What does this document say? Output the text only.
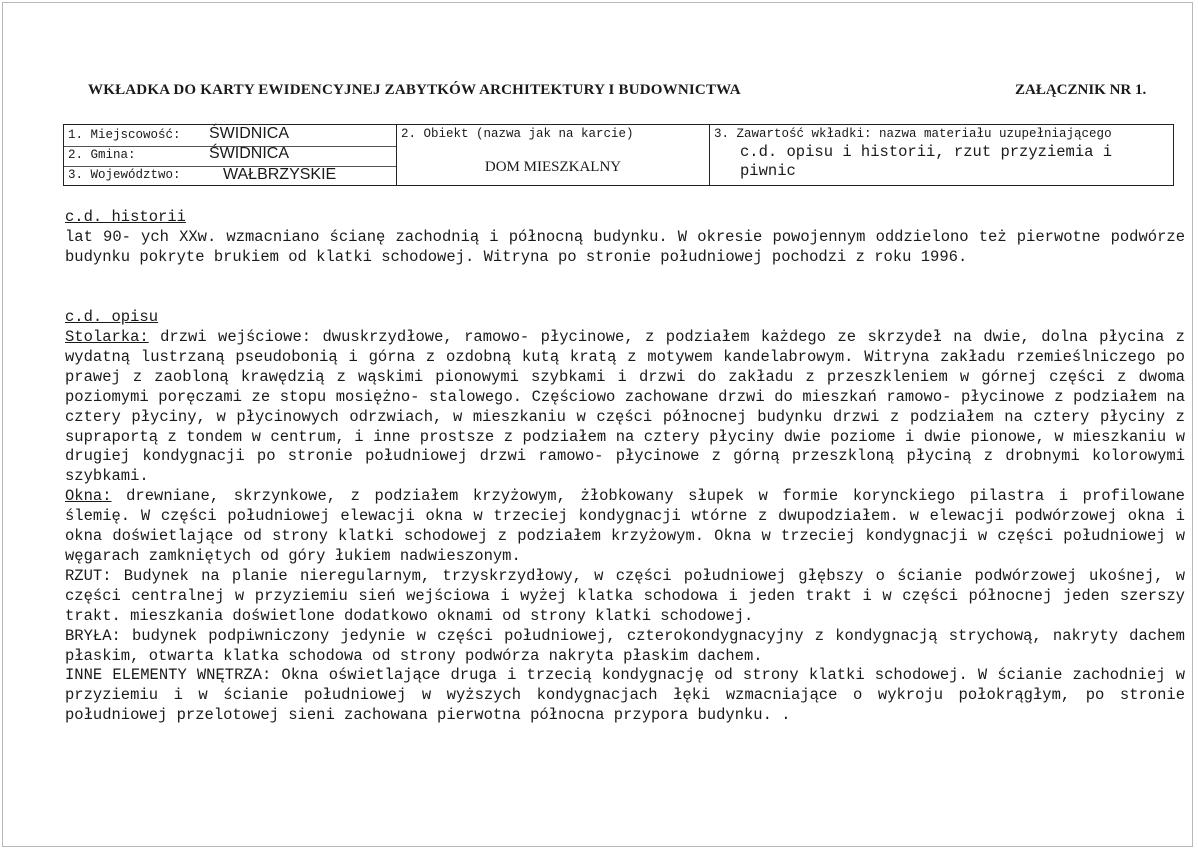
WKŁADKA DO KARTY EWIDENCYJNEJ ZABYTKÓW ARCHITEKTURY I BUDOWNICTWA	ZAŁĄCZNIK NR 1.
1. Miejscowość: ŚWIDNICA
2. Gmina:	ŚWIDNICA
3. Województwo:	WAŁBRZYSKIE
2. Obiekt (nazwa jak na karcie)
DOM MIESZKALNY
3. Zawartość wkładki: nazwa materiału uzupełniającego
c.d. opisu i historii, rzut przyziemia i piwnic
c.d. historii
lat 90- ych XXw. wzmacniano ścianę zachodnią i północną budynku. W okresie powojennym oddzielono też pierwotne podwórze budynku pokryte brukiem od klatki schodowej. Witryna po stronie południowej pochodzi z roku 1996.
c.d. opisu

Stolarka: drzwi wejściowe: dwuskrzydłowe, ramowo- płycinowe, z podziałem każdego ze skrzydeł na dwie, dolna płycina z wydatną lustrzaną pseudobonią i górna z ozdobną kutą kratą z motywem kandelabrowym. Witryna zakładu rzemieślniczego po prawej z zaobloną krawędzią z wąskimi pionowymi szybkami i drzwi do zakładu z przeszkleniem w górnej części z dwoma poziomymi poręczami ze stopu mosiężno- stalowego. Częściowo zachowane drzwi do mieszkań ramowo- płycinowe z podziałem na cztery płyciny, w płycinowych odrzwiach, w mieszkaniu w części północnej budynku drzwi z podziałem na cztery płyciny z supraportą z tondem w centrum, i inne prostsze z podziałem na cztery płyciny dwie poziome i dwie pionowe, w mieszkaniu w drugiej kondygnacji po stronie południowej drzwi ramowo- płycinowe z górną przeszkloną płyciną z drobnymi kolorowymi szybkami.

Okna: drewniane, skrzynkowe, z podziałem krzyżowym, żłobkowany słupek w formie korynckiego pilastra i profilowane ślemię. W części południowej elewacji okna w trzeciej kondygnacji wtórne z dwupodziałem. w elewacji podwórzowej okna i okna doświetlające od strony klatki schodowej z podziałem krzyżowym. Okna w trzeciej kondygnacji w części południowej w węgarach zamkniętych od góry łukiem nadwieszonym.

RZUT: Budynek na planie nieregularnym, trzyskrzydłowy, w części południowej głębszy o ścianie podwórzowej ukośnej, w części centralnej w przyziemiu sień wejściowa i wyżej klatka schodowa i jeden trakt i w części północnej jeden szerszy trakt. mieszkania doświetlone dodatkowo oknami od strony klatki schodowej.

BRYŁA: budynek podpiwniczony jedynie w części południowej, czterokondygnacyjny z kondygnacją strychową, nakryty dachem płaskim, otwarta klatka schodowa od strony podwórza nakryta płaskim dachem.

INNE ELEMENTY WNĘTRZA: Okna oświetlające druga i trzecią kondygnację od strony klatki schodowej. W ścianie zachodniej w przyziemiu i w ścianie południowej w wyższych kondygnacjach łęki wzmacniające o wykroju połokrągłym, po stronie południowej przelotowej sieni zachowana pierwotna północna przypora budynku. .
